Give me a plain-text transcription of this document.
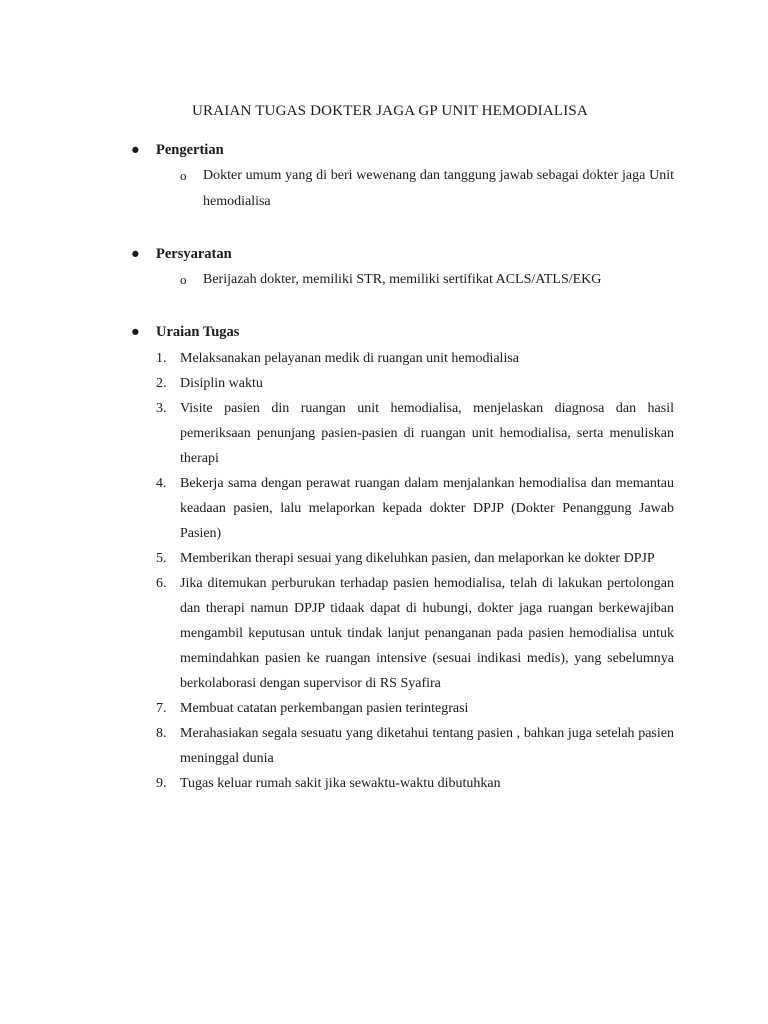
URAIAN TUGAS DOKTER JAGA GP UNIT HEMODIALISA
●	Pengertian
o Dokter umum yang di beri wewenang dan tanggung jawab sebagai dokter jaga Unit hemodialisa
●	Persyaratan
o Berijazah dokter, memiliki STR, memiliki sertifikat ACLS/ATLS/EKG
●	Uraian Tugas
1. Melaksanakan pelayanan medik di ruangan unit hemodialisa
2. Disiplin waktu
3. Visite pasien din ruangan unit hemodialisa, menjelaskan diagnosa dan hasil pemeriksaan penunjang pasien-pasien di ruangan unit hemodialisa, serta menuliskan therapi
4. Bekerja sama dengan perawat ruangan dalam menjalankan hemodialisa dan memantau keadaan pasien, lalu melaporkan kepada dokter DPJP (Dokter Penanggung Jawab Pasien)
5. Memberikan therapi sesuai yang dikeluhkan pasien, dan melaporkan ke dokter DPJP
6. Jika ditemukan perburukan terhadap pasien hemodialisa, telah di lakukan pertolongan dan therapi namun DPJP tidaak dapat di hubungi, dokter jaga ruangan berkewajiban mengambil keputusan untuk tindak lanjut penanganan pada pasien hemodialisa untuk memindahkan pasien ke ruangan intensive (sesuai indikasi medis), yang sebelumnya berkolaborasi dengan supervisor di RS Syafira
7. Membuat catatan perkembangan pasien terintegrasi
8. Merahasiakan segala sesuatu yang diketahui tentang pasien , bahkan juga setelah pasien meninggal dunia
9. Tugas keluar rumah sakit jika sewaktu-waktu dibutuhkan
